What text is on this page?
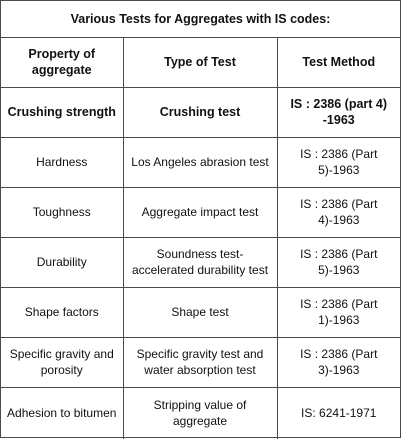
Various Tests for Aggregates with IS codes:		
Property of aggregate	Type of Test	Test Method
Crushing strength	Crushing test	IS : 2386 (part 4) -1963
Hardness	Los Angeles abrasion test	IS : 2386 (Part 5)-1963
Toughness	Aggregate impact test	IS : 2386 (Part 4)-1963
Durability	Soundness test- accelerated durability test	IS : 2386 (Part 5)-1963
Shape factors	Shape test	IS : 2386 (Part 1)-1963
Specific gravity and porosity	Specific gravity test and water absorption test	IS : 2386 (Part 3)-1963
Adhesion to bitumen	Stripping value of aggregate	IS: 6241-1971
